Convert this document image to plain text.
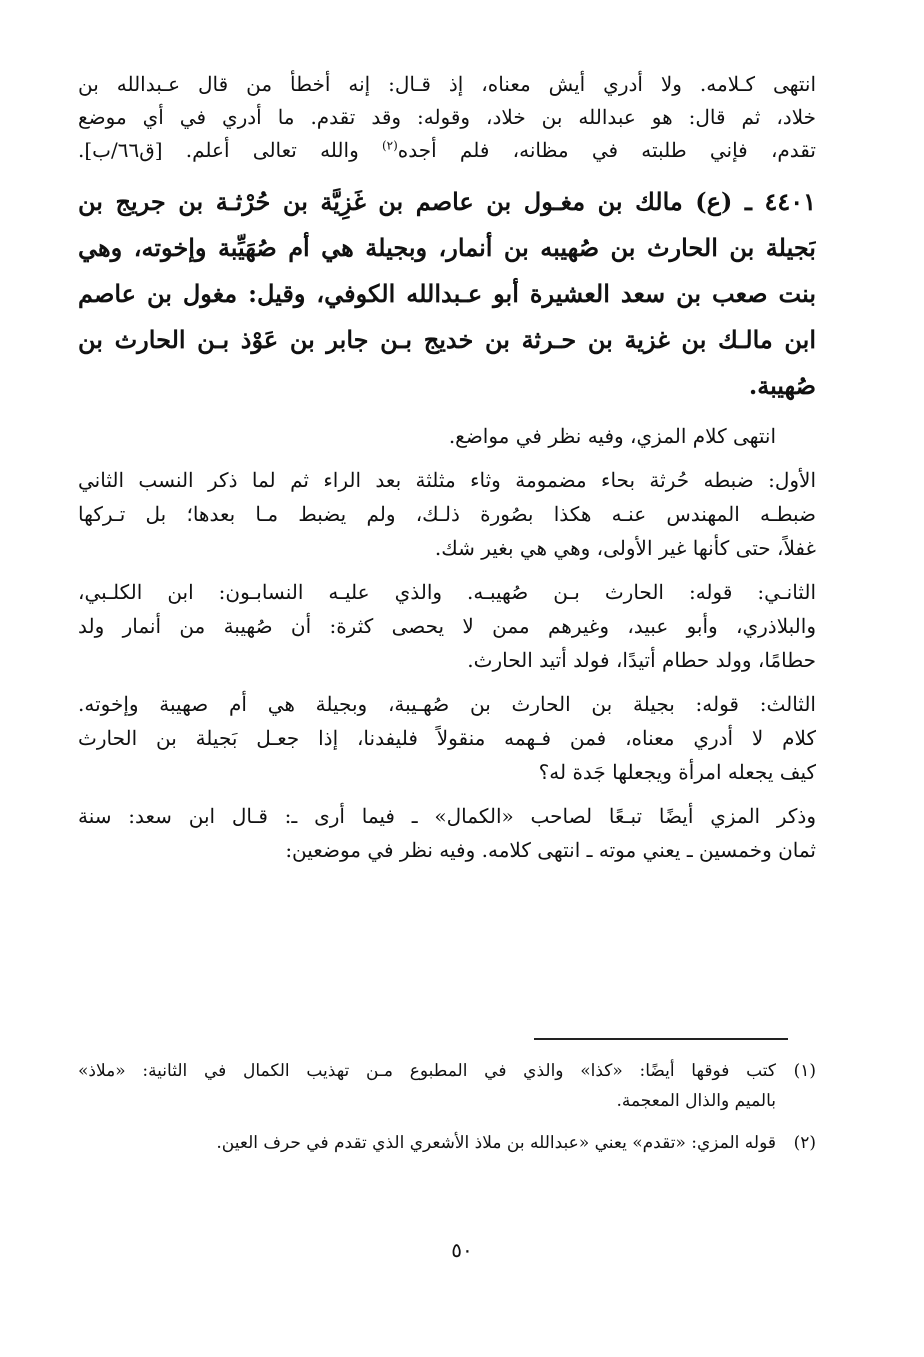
انتهى كـلامه. ولا أدري أيش معناه، إذ قـال: إنه أخطأ من قال عـبدالله بن
خلاد، ثم قال: هو عبدالله بن خلاد، وقوله: وقد تقدم. ما أدري في أي موضع
تقدم، فإني طلبته في مظانه، فلم أجده$^{(٢)}$ والله تعالى أعلم. [ق٦٦/ب].
٤٤٠١ ـ (ع) مالك بن مغـول بن عاصم بن غَزِيَّة بن حُرْثـة بن جريج بن
بَجيلة بن الحارث بن صُهيبه بن أنمار، وبجيلة هي أم صُهَيِّبة وإخوته، وهي
بنت صعب بن سعد العشيرة أبو عـبدالله الكوفي، وقيل: مغول بن عاصم
ابن مالـك بن غزية بن حـرثة بن خديج بـن جابر بن عَوْذ بـن الحارث بن
صُهيبة.
انتهى كلام المزي، وفيه نظر في مواضع.
الأول: ضبطه حُرثة بحاء مضمومة وثاء مثلثة بعد الراء ثم لما ذكر النسب الثاني
ضبطـه المهندس عنـه هكذا بصُورة ذلـك، ولم يضبط مـا بعدها؛ بل تـركها
غفلاً، حتى كأنها غير الأولى، وهي هي بغير شك.
الثانـي: قوله: الحارث بـن صُهيبـه. والذي عليـه النسابـون: ابن الكلـبي،
والبلاذري، وأبو عبيد، وغيرهم ممن لا يحصى كثرة: أن صُهيبة من أنمار ولد
حطامًا، وولد حطام أتيدًا، فولد أتيد الحارث.
الثالث: قوله: بجيلة بن الحارث بن صُهـيبة، وبجيلة هي أم صهيبة وإخوته.
كلام لا أدري معناه، فمن فـهمه منقولاً فليفدنا، إذا جعـل بَجيلة بن الحارث
كيف يجعله امرأة ويجعلها جَدة له؟
وذكر المزي أيضًا تبـعًا لصاحب «الكمال» ـ فيما أرى ـ: قـال ابن سعد: سنة
ثمان وخمسين ـ يعني موته ـ انتهى كلامه. وفيه نظر في موضعين:
(١)كتب فوقها أيضًا: «كذا» والذي في المطبوع مـن تهذيب الكمال في الثانية: «ملاذ»
بالميم والذال المعجمة.
(٢)قوله المزي: «تقدم» يعني «عبدالله بن ملاذ الأشعري الذي تقدم في حرف العين.
٥٠
